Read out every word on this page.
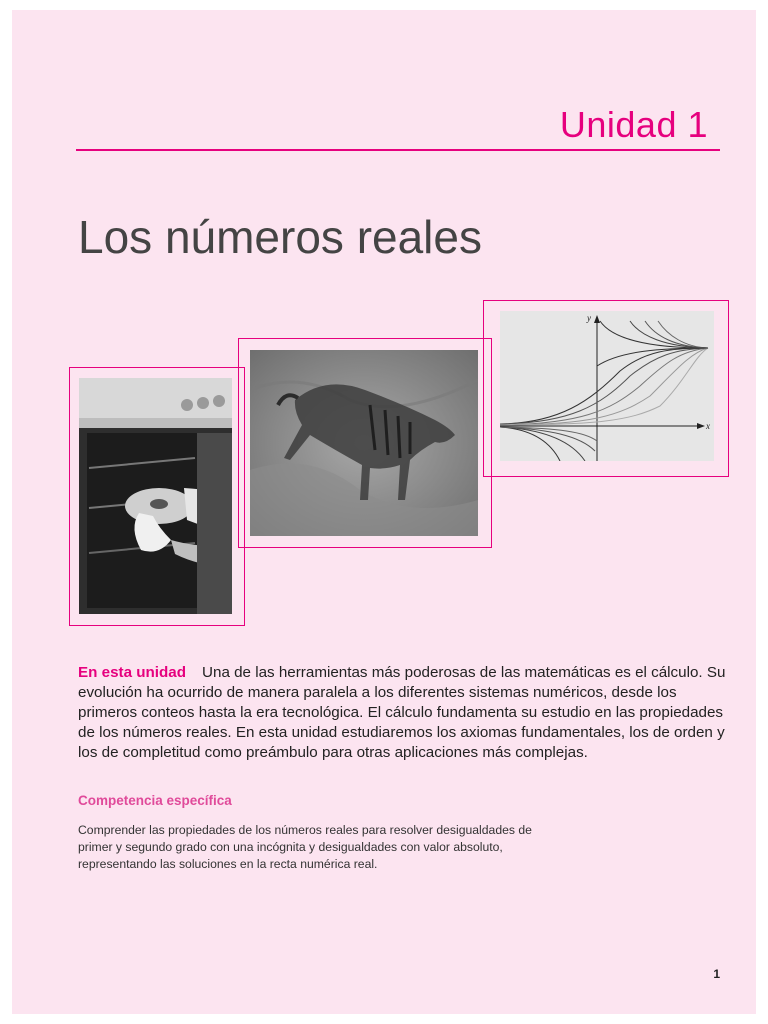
Unidad 1
Los números reales
x
y
En esta unidad Una de las herramientas más poderosas de las matemáticas es el cálculo. Su evolución ha ocurrido de manera paralela a los diferentes sistemas numéricos, desde los primeros conteos hasta la era tecnológica. El cálculo fundamenta su estudio en las propiedades de los números reales. En esta unidad estudiaremos los axiomas fundamentales, los de orden y los de completitud como preámbulo para otras aplicaciones más complejas.
Competencia específica
Comprender las propiedades de los números reales para resolver desigualdades de primer y segundo grado con una incógnita y desigualdades con valor absoluto, representando las soluciones en la recta numérica real.
1
